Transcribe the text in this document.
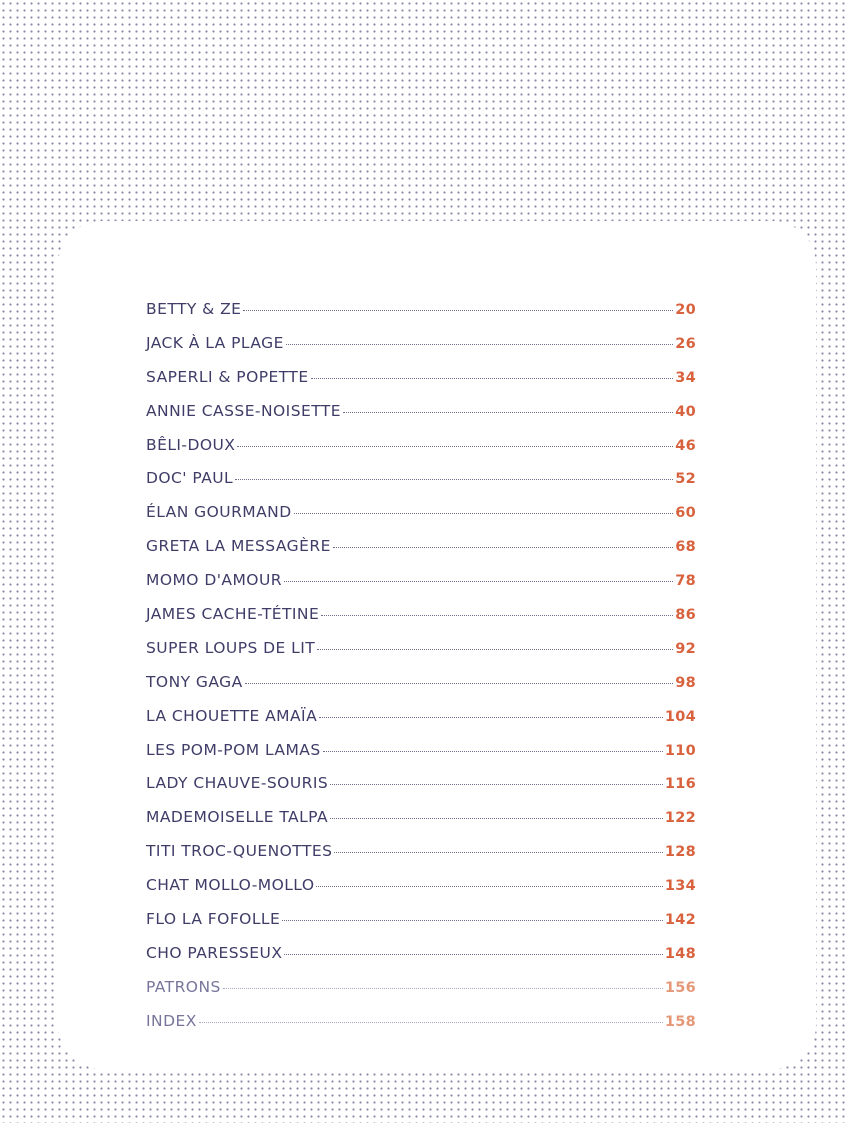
BETTY & ZE	20
JACK À LA PLAGE	26
SAPERLI & POPETTE	34
ANNIE CASSE-NOISETTE	40
BÊLI-DOUX	46
DOC' PAUL	52
ÉLAN GOURMAND	60
GRETA LA MESSAGÈRE	68
MOMO D'AMOUR	78
JAMES CACHE-TÉTINE	86
SUPER LOUPS DE LIT	92
TONY GAGA	98
LA CHOUETTE AMAÏA	104
LES POM-POM LAMAS	110
LADY CHAUVE-SOURIS	116
MADEMOISELLE TALPA	122
TITI TROC-QUENOTTES	128
CHAT MOLLO-MOLLO	134
FLO LA FOFOLLE	142
CHO PARESSEUX	148
PATRONS	156
INDEX	158
